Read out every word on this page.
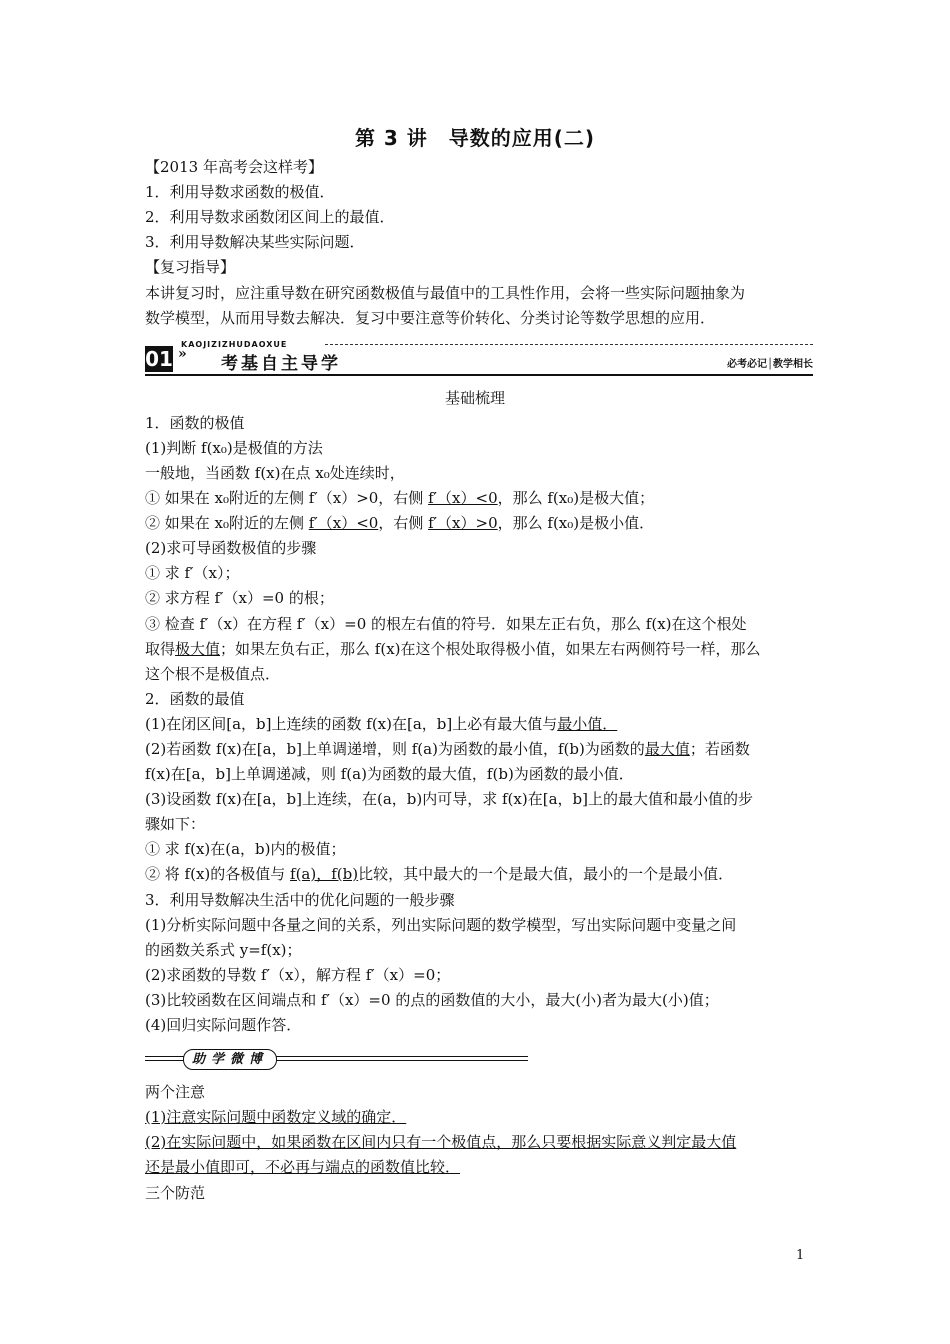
第 3 讲　导数的应用(二)
【2013 年高考会这样考】
1．利用导数求函数的极值．
2．利用导数求函数闭区间上的最值．
3．利用导数解决某些实际问题．
【复习指导】
本讲复习时，应注重导数在研究函数极值与最值中的工具性作用，会将一些实际问题抽象为
数学模型，从而用导数去解决．复习中要注意等价转化、分类讨论等数学思想的应用．
KAOJIZIZHUDAOXUE
01 » 考基自主导学	必考必记│教学相长
基础梳理
1．函数的极值
(1)判断 f(x₀)是极值的方法
一般地，当函数 f(x)在点 x₀处连续时，
① 如果在 x₀附近的左侧 f′（x）>0，右侧 f′（x）<0，那么 f(x₀)是极大值；
② 如果在 x₀附近的左侧 f′（x）<0，右侧 f′（x）>0，那么 f(x₀)是极小值．
(2)求可导函数极值的步骤
① 求 f′（x）；
② 求方程 f′（x）=0 的根；
③ 检查 f′（x）在方程 f′（x）=0 的根左右值的符号．如果左正右负，那么 f(x)在这个根处
取得极大值；如果左负右正，那么 f(x)在这个根处取得极小值，如果左右两侧符号一样，那么
这个根不是极值点．
2．函数的最值
(1)在闭区间[a，b]上连续的函数 f(x)在[a，b]上必有最大值与最小值．
(2)若函数 f(x)在[a，b]上单调递增，则 f(a)为函数的最小值，f(b)为函数的最大值；若函数
f(x)在[a，b]上单调递减，则 f(a)为函数的最大值，f(b)为函数的最小值．
(3)设函数 f(x)在[a，b]上连续，在(a，b)内可导，求 f(x)在[a，b]上的最大值和最小值的步
骤如下：
① 求 f(x)在(a，b)内的极值；
② 将 f(x)的各极值与 f(a)，f(b)比较，其中最大的一个是最大值，最小的一个是最小值．
3．利用导数解决生活中的优化问题的一般步骤
(1)分析实际问题中各量之间的关系，列出实际问题的数学模型，写出实际问题中变量之间
的函数关系式 y=f(x)；
(2)求函数的导数 f′（x），解方程 f′（x）=0；
(3)比较函数在区间端点和 f′（x）=0 的点的函数值的大小，最大(小)者为最大(小)值；
(4)回归实际问题作答．
助学微博
两个注意
(1)注意实际问题中函数定义域的确定．
(2)在实际问题中，如果函数在区间内只有一个极值点，那么只要根据实际意义判定最大值
还是最小值即可，不必再与端点的函数值比较．
三个防范
1
